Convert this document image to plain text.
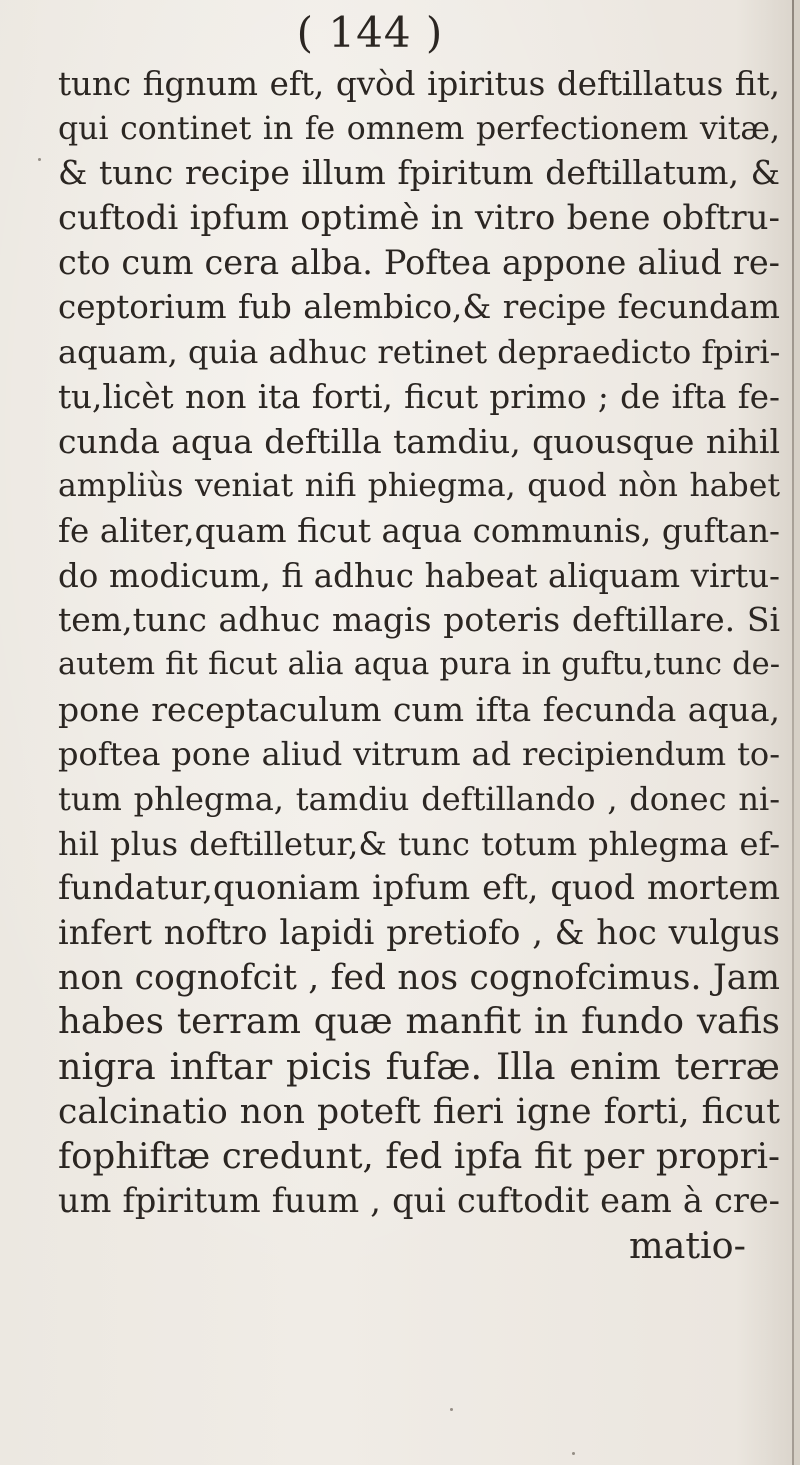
( 144 )
tunc fignum eft, qvòd ipiritus deftillatus fit,
qui continet in fe omnem perfectionem vitæ,
& tunc recipe illum fpiritum deftillatum, &
cuftodi ipfum optimè in vitro bene obftru-
cto cum cera alba. Poftea appone aliud re-
ceptorium fub alembico,& recipe fecundam
aquam, quia adhuc retinet depraedicto fpiri-
tu,licèt non ita forti, ficut primo ; de ifta fe-
cunda aqua deftilla tamdiu, quousque nihil
ampliùs veniat nifi phiegma, quod nòn habet
fe aliter,quam ficut aqua communis, guftan-
do modicum, fi adhuc habeat aliquam virtu-
tem,tunc adhuc magis poteris deftillare. Si
autem fit ficut alia aqua pura in guftu,tunc de-
pone receptaculum cum ifta fecunda aqua,
poftea pone aliud vitrum ad recipiendum to-
tum phlegma, tamdiu deftillando , donec ni-
hil plus deftilletur,& tunc totum phlegma ef-
fundatur,quoniam ipfum eft, quod mortem
infert noftro lapidi pretiofo , & hoc vulgus
non cognofcit , fed nos cognofcimus. Jam
habes terram quæ manfit in fundo vafis
nigra inftar picis fufæ. Illa enim terræ
calcinatio non poteft fieri igne forti, ficut
fophiftæ credunt, fed ipfa fit per propri-
um fpiritum fuum , qui cuftodit eam à cre-
matio-
